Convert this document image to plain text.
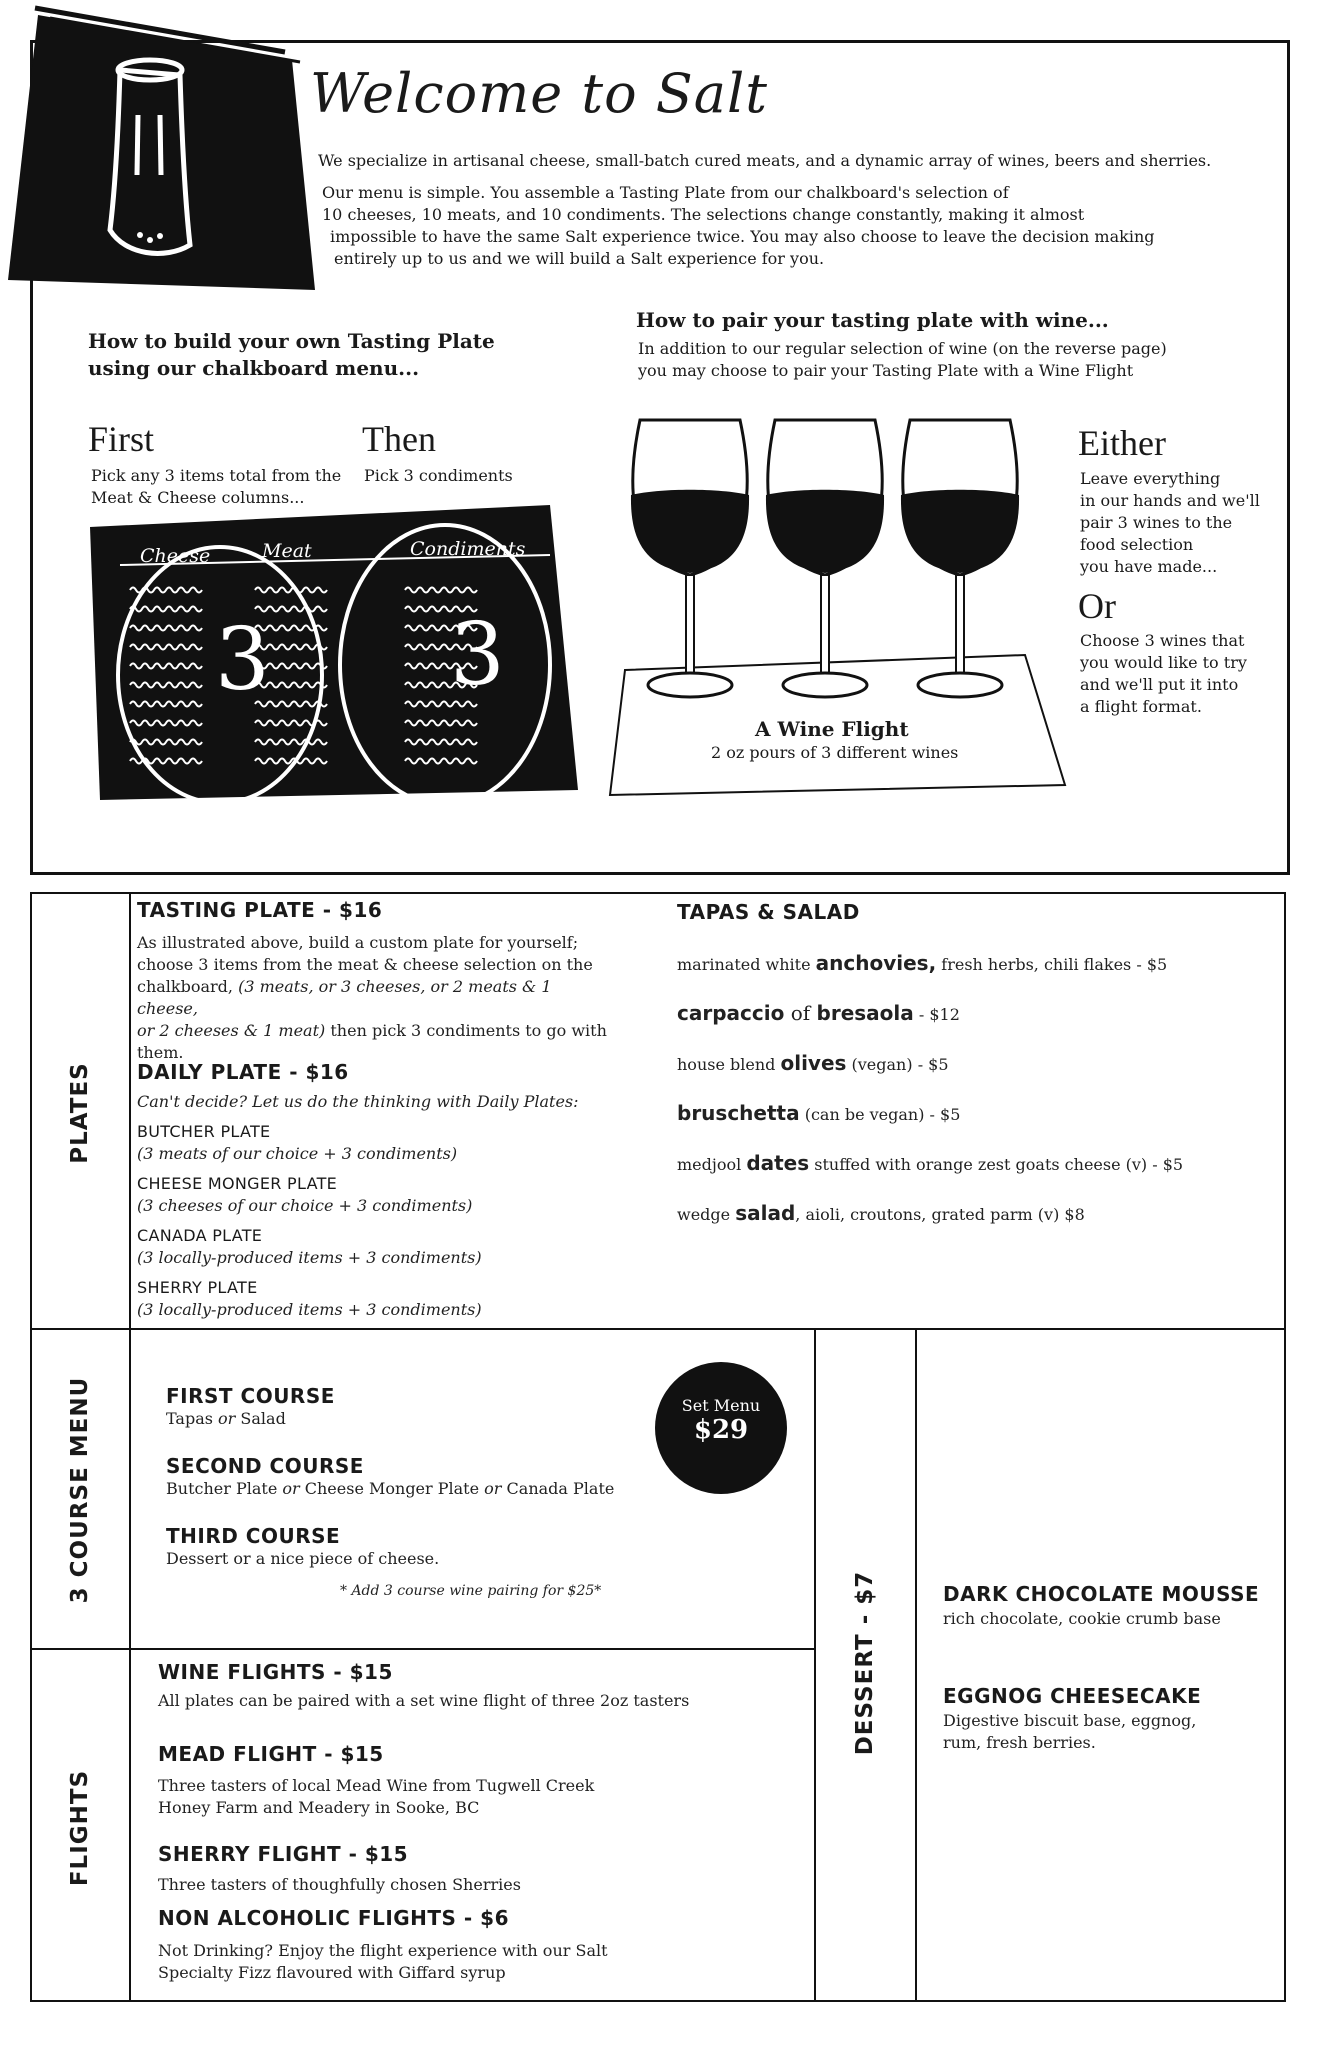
Welcome to Salt
We specialize in artisanal cheese, small-batch cured meats, and a dynamic array of wines, beers and sherries.
Our menu is simple. You assemble a Tasting Plate from our chalkboard's selection of
10 cheeses, 10 meats, and 10 condiments. The selections change constantly, making it almost
impossible to have the same Salt experience twice. You may also choose to leave the decision making
entirely up to us and we will build a Salt experience for you.
How to build your own Tasting Plate
using our chalkboard menu...
First
Pick any 3 items total from the
Meat & Cheese columns...
Then
Pick 3 condiments
Cheese	Meat	Condiments
3 3
How to pair your tasting plate with wine...
In addition to our regular selection of wine (on the reverse page)
you may choose to pair your Tasting Plate with a Wine Flight
A Wine Flight
2 oz pours of 3 different wines
Either
Leave everything
in our hands and we'll
pair 3 wines to the
food selection
you have made...
Or
Choose 3 wines that
you would like to try
and we'll put it into
a flight format.
PLATES
3 COURSE MENU
FLIGHTS
DESSERT - $7
TASTING PLATE - $16
As illustrated above, build a custom plate for yourself;
choose 3 items from the meat & cheese selection on the
chalkboard, (3 meats, or 3 cheeses, or 2 meats & 1 cheese,
or 2 cheeses & 1 meat) then pick 3 condiments to go with
them.
DAILY PLATE - $16
Can't decide? Let us do the thinking with Daily Plates:
BUTCHER PLATE
(3 meats of our choice + 3 condiments)
CHEESE MONGER PLATE
(3 cheeses of our choice + 3 condiments)
CANADA PLATE
(3 locally-produced items + 3 condiments)
SHERRY PLATE
(3 locally-produced items + 3 condiments)
TAPAS & SALAD
marinated white anchovies, fresh herbs, chili flakes - $5
carpaccio of bresaola - $12
house blend olives (vegan) - $5
bruschetta (can be vegan) - $5
medjool dates stuffed with orange zest goats cheese (v) - $5
wedge salad, aioli, croutons, grated parm (v) $8
FIRST COURSE
Tapas or Salad
SECOND COURSE
Butcher Plate or Cheese Monger Plate or Canada Plate
THIRD COURSE
Dessert or a nice piece of cheese.
* Add 3 course wine pairing for $25*
Set Menu
$29
WINE FLIGHTS - $15
All plates can be paired with a set wine flight of three 2oz tasters
MEAD FLIGHT - $15
Three tasters of local Mead Wine from Tugwell Creek
Honey Farm and Meadery in Sooke, BC
SHERRY FLIGHT - $15
Three tasters of thoughfully chosen Sherries
NON ALCOHOLIC FLIGHTS - $6
Not Drinking? Enjoy the flight experience with our Salt
Specialty Fizz flavoured with Giffard syrup
DARK CHOCOLATE MOUSSE
rich chocolate, cookie crumb base
EGGNOG CHEESECAKE
Digestive biscuit base, eggnog,
rum, fresh berries.
